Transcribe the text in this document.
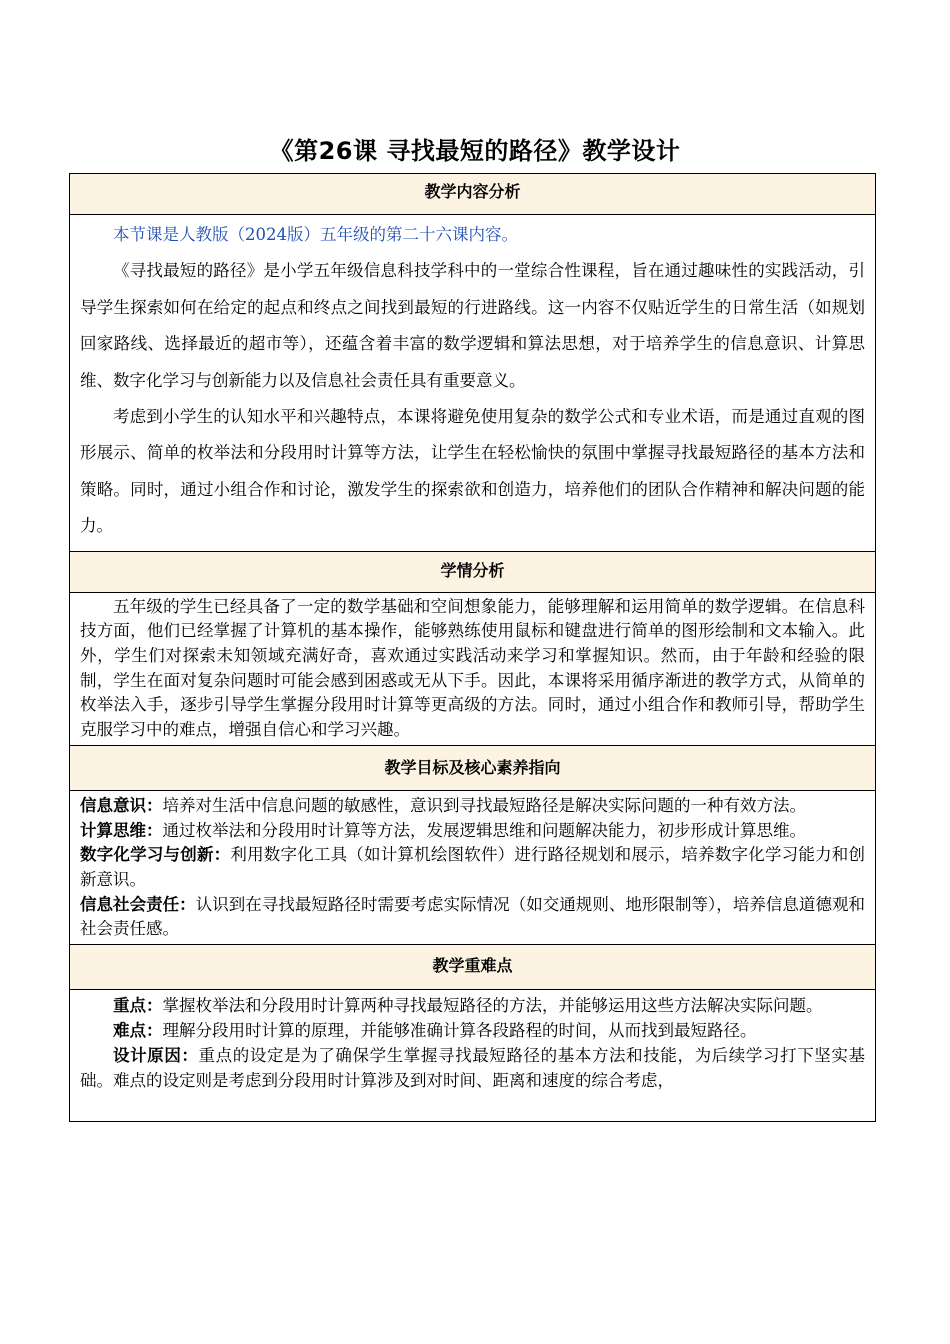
《第26课 寻找最短的路径》教学设计
教学内容分析

本节课是人教版（2024版）五年级的第二十六课内容。

《寻找最短的路径》是小学五年级信息科技学科中的一堂综合性课程，旨在通过趣味性的实践活动，引导学生探索如何在给定的起点和终点之间找到最短的行进路线。这一内容不仅贴近学生的日常生活（如规划回家路线、选择最近的超市等），还蕴含着丰富的数学逻辑和算法思想，对于培养学生的信息意识、计算思维、数字化学习与创新能力以及信息社会责任具有重要意义。

考虑到小学生的认知水平和兴趣特点，本课将避免使用复杂的数学公式和专业术语，而是通过直观的图形展示、简单的枚举法和分段用时计算等方法，让学生在轻松愉快的氛围中掌握寻找最短路径的基本方法和策略。同时，通过小组合作和讨论，激发学生的探索欲和创造力，培养他们的团队合作精神和解决问题的能力。

学情分析

五年级的学生已经具备了一定的数学基础和空间想象能力，能够理解和运用简单的数学逻辑。在信息科技方面，他们已经掌握了计算机的基本操作，能够熟练使用鼠标和键盘进行简单的图形绘制和文本输入。此外，学生们对探索未知领域充满好奇，喜欢通过实践活动来学习和掌握知识。然而，由于年龄和经验的限制，学生在面对复杂问题时可能会感到困惑或无从下手。因此，本课将采用循序渐进的教学方式，从简单的枚举法入手，逐步引导学生掌握分段用时计算等更高级的方法。同时，通过小组合作和教师引导，帮助学生克服学习中的难点，增强自信心和学习兴趣。

教学目标及核心素养指向

信息意识：培养对生活中信息问题的敏感性，意识到寻找最短路径是解决实际问题的一种有效方法。

计算思维：通过枚举法和分段用时计算等方法，发展逻辑思维和问题解决能力，初步形成计算思维。

数字化学习与创新：利用数字化工具（如计算机绘图软件）进行路径规划和展示，培养数字化学习能力和创新意识。

信息社会责任：认识到在寻找最短路径时需要考虑实际情况（如交通规则、地形限制等），培养信息道德观和社会责任感。

教学重难点

重点：掌握枚举法和分段用时计算两种寻找最短路径的方法，并能够运用这些方法解决实际问题。

难点：理解分段用时计算的原理，并能够准确计算各段路程的时间，从而找到最短路径。

设计原因：重点的设定是为了确保学生掌握寻找最短路径的基本方法和技能，为后续学习打下坚实基础。难点的设定则是考虑到分段用时计算涉及到对时间、距离和速度的综合考虑，
